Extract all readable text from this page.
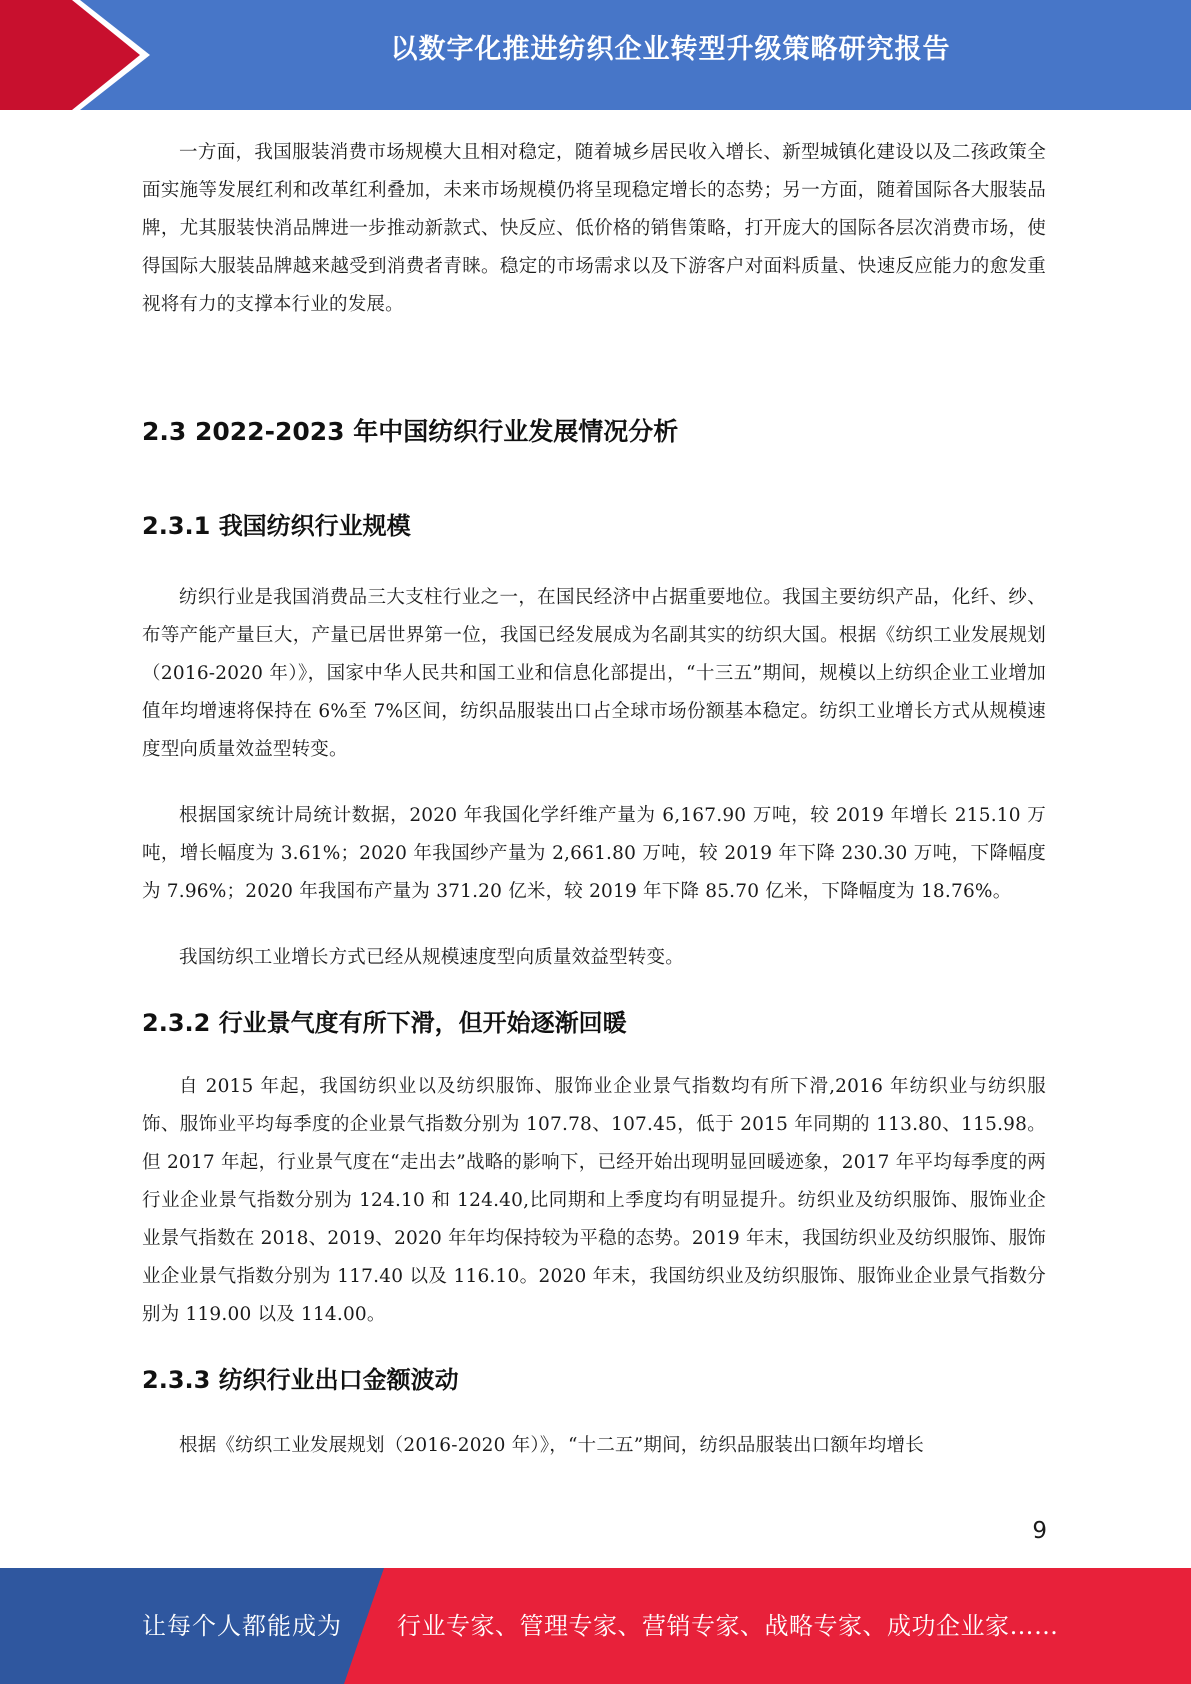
以数字化推进纺织企业转型升级策略研究报告

一方面，我国服装消费市场规模大且相对稳定，随着城乡居民收入增长、新型城镇化建设以及二孩政策全面实施等发展红利和改革红利叠加，未来市场规模仍将呈现稳定增长的态势；另一方面，随着国际各大服装品牌，尤其服装快消品牌进一步推动新款式、快反应、低价格的销售策略，打开庞大的国际各层次消费市场，使得国际大服装品牌越来越受到消费者青睐。稳定的市场需求以及下游客户对面料质量、快速反应能力的愈发重视将有力的支撑本行业的发展。

2.3 2022-2023 年中国纺织行业发展情况分析
2.3.1 我国纺织行业规模

纺织行业是我国消费品三大支柱行业之一，在国民经济中占据重要地位。我国主要纺织产品，化纤、纱、布等产能产量巨大，产量已居世界第一位，我国已经发展成为名副其实的纺织大国。根据《纺织工业发展规划（2016-2020 年）》，国家中华人民共和国工业和信息化部提出，“十三五”期间，规模以上纺织企业工业增加值年均增速将保持在 6%至 7%区间，纺织品服装出口占全球市场份额基本稳定。纺织工业增长方式从规模速度型向质量效益型转变。

根据国家统计局统计数据，2020 年我国化学纤维产量为 6,167.90 万吨，较 2019 年增长 215.10 万吨，增长幅度为 3.61%；2020 年我国纱产量为 2,661.80 万吨，较 2019 年下降 230.30 万吨，下降幅度为 7.96%；2020 年我国布产量为 371.20 亿米，较 2019 年下降 85.70 亿米，下降幅度为 18.76%。

我国纺织工业增长方式已经从规模速度型向质量效益型转变。

2.3.2 行业景气度有所下滑，但开始逐渐回暖

自 2015 年起，我国纺织业以及纺织服饰、服饰业企业景气指数均有所下滑,2016 年纺织业与纺织服饰、服饰业平均每季度的企业景气指数分别为 107.78、107.45，低于 2015 年同期的 113.80、115.98。但 2017 年起，行业景气度在“走出去”战略的影响下，已经开始出现明显回暖迹象，2017 年平均每季度的两行业企业景气指数分别为 124.10 和 124.40,比同期和上季度均有明显提升。纺织业及纺织服饰、服饰业企业景气指数在 2018、2019、2020 年年均保持较为平稳的态势。2019 年末，我国纺织业及纺织服饰、服饰业企业景气指数分别为 117.40 以及 116.10。2020 年末，我国纺织业及纺织服饰、服饰业企业景气指数分别为 119.00 以及 114.00。

2.3.3 纺织行业出口金额波动

根据《纺织工业发展规划（2016-2020 年）》，“十二五”期间，纺织品服装出口额年均增长

9
让每个人都能成为 行业专家、管理专家、营销专家、战略专家、成功企业家……
